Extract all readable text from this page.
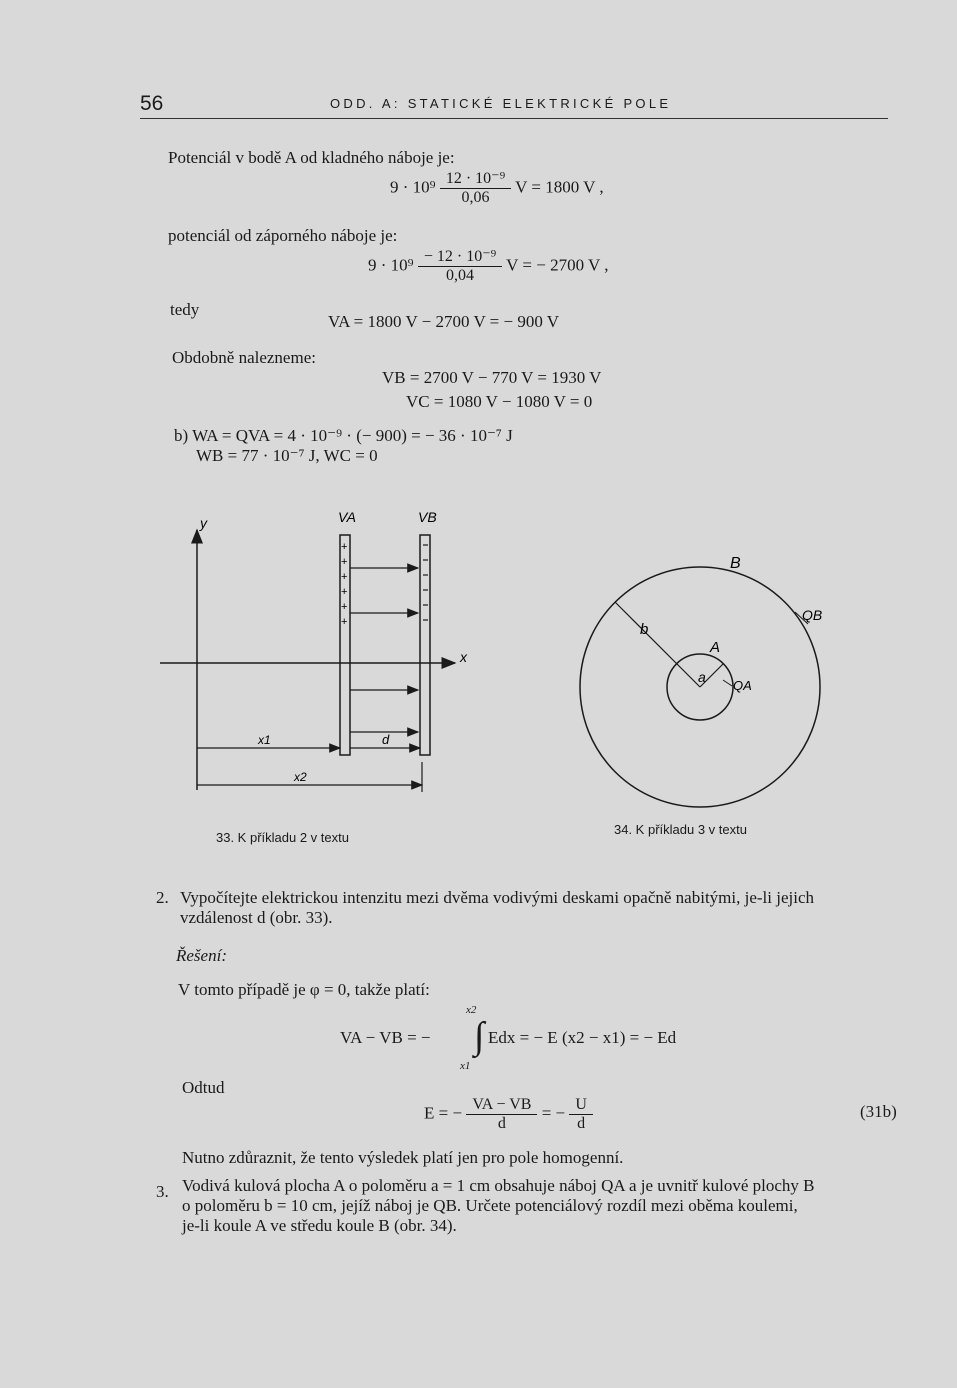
56	ODD. A: STATICKÉ ELEKTRICKÉ POLE
Potenciál v bodě A od kladného náboje je:
$9 \cdot 10^9 \frac{\text{12 · 10⁻⁹}}{0,06}$ V = 1800 V ,
potenciál od záporného náboje je:
$9 \cdot 10^9 \frac{\text{− 12 · 10⁻⁹}}{0,04}$ V = − 2700 V ,
tedy
VA = 1800 V − 2700 V = − 900 V
Obdobně nalezneme:
VB = 2700 V − 770 V = 1930 V
VC = 1080 V − 1080 V = 0
b) WA = QVA = 4 · 10⁻⁹ · (− 900) = − 36 · 10⁻⁷ J
WB = 77 · 10⁻⁷ J, WC = 0
y
x
VA	VB
+
+
+
+
+
+
x1	d
x2
33. K příkladu 2 v textu
B
QB
b
A
a
QA
34. K příkladu 3 v textu
2. Vypočítejte elektrickou intenzitu mezi dvěma vodivými deskami opačně nabitými, je-li jejich
vzdálenost d (obr. 33).
Řešení:
V tomto případě je φ = 0, takže platí:
VA − VB = − ∫
x2
x1
Edx = − E (x2 − x1) = − Ed
Odtud
E = − $\frac{VA - VB}{d}$ = − $\frac{U}{d}$	(31b)
Nutno zdůraznit, že tento výsledek platí jen pro pole homogenní.
3. Vodivá kulová plocha A o poloměru a = 1 cm obsahuje náboj QA a je uvnitř kulové plochy B
o poloměru b = 10 cm, jejíž náboj je QB. Určete potenciálový rozdíl mezi oběma koulemi,
je-li koule A ve středu koule B (obr. 34).
